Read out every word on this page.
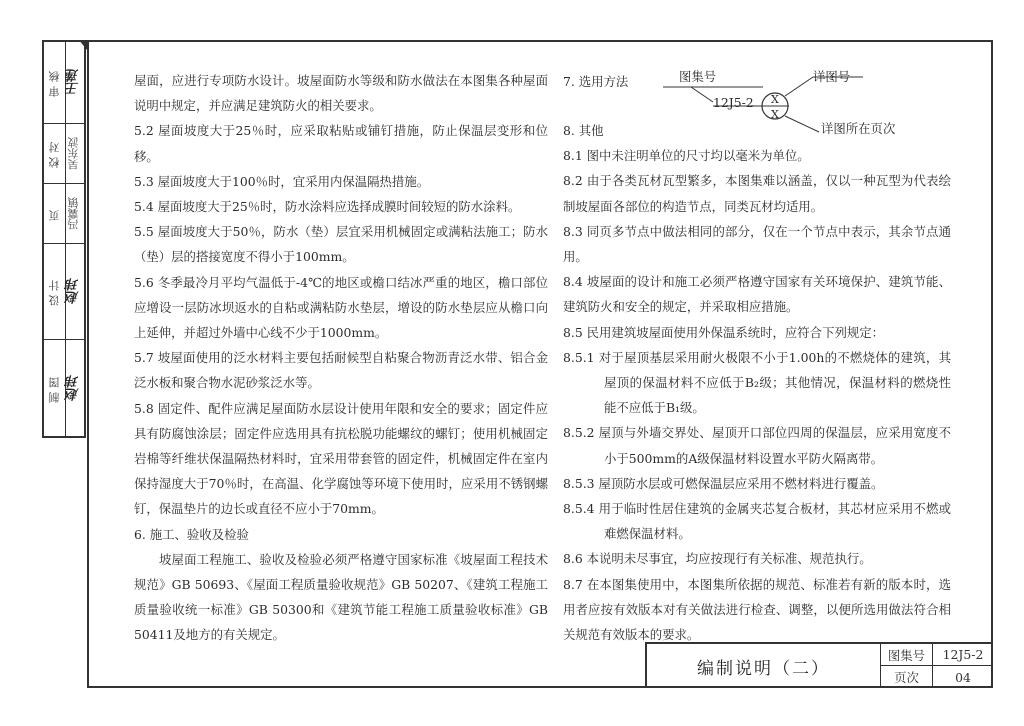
审核 王莲
校对 吴东波
页 冯冀镇
设计 赵玮
制图 赵玮

屋面，应进行专项防水设计。坡屋面防水等级和防水做法在本图集各种屋面说明中规定，并应满足建筑防火的相关要求。

5.2 屋面坡度大于25％时，应采取粘贴或铺钉措施，防止保温层变形和位移。

5.3 屋面坡度大于100％时，宜采用内保温隔热措施。

5.4 屋面坡度大于25％时，防水涂料应选择成膜时间较短的防水涂料。

5.5 屋面坡度大于50％，防水（垫）层宜采用机械固定或满粘法施工；防水（垫）层的搭接宽度不得小于100mm。

5.6 冬季最冷月平均气温低于-4℃的地区或檐口结冰严重的地区，檐口部位应增设一层防冰坝返水的自粘或满粘防水垫层，增设的防水垫层应从檐口向上延伸，并超过外墙中心线不少于1000mm。

5.7 坡屋面使用的泛水材料主要包括耐候型自粘聚合物沥青泛水带、铝合金泛水板和聚合物水泥砂浆泛水等。

5.8 固定件、配件应满足屋面防水层设计使用年限和安全的要求；固定件应具有防腐蚀涂层；固定件应选用具有抗松脱功能螺纹的螺钉；使用机械固定岩棉等纤维状保温隔热材料时，宜采用带套管的固定件，机械固定件在室内保持湿度大于70％时，在高温、化学腐蚀等环境下使用时，应采用不锈钢螺钉，保温垫片的边长或直径不应小于70mm。

6. 施工、验收及检验

坡屋面工程施工、验收及检验必须严格遵守国家标准《坡屋面工程技术规范》GB 50693、《屋面工程质量验收规范》GB 50207、《建筑工程施工质量验收统一标准》GB 50300和《建筑节能工程施工质量验收标准》GB 50411及地方的有关规定。

7. 选用方法	图集号	详图号
详图所在页次
12J5-2 X
X

8. 其他

8.1 图中未注明单位的尺寸均以毫米为单位。

8.2 由于各类瓦材瓦型繁多，本图集难以涵盖，仅以一种瓦型为代表绘制坡屋面各部位的构造节点，同类瓦材均适用。

8.3 同页多节点中做法相同的部分，仅在一个节点中表示，其余节点通用。

8.4 坡屋面的设计和施工必须严格遵守国家有关环境保护、建筑节能、建筑防火和安全的规定，并采取相应措施。

8.5 民用建筑坡屋面使用外保温系统时，应符合下列规定：

8.5.1 对于屋顶基层采用耐火极限不小于1.00h的不燃烧体的建筑，其屋顶的保温材料不应低于B₂级；其他情况，保温材料的燃烧性能不应低于B₁级。

8.5.2 屋顶与外墙交界处、屋顶开口部位四周的保温层，应采用宽度不小于500mm的A级保温材料设置水平防火隔离带。

8.5.3 屋顶防水层或可燃保温层应采用不燃材料进行覆盖。

8.5.4 用于临时性居住建筑的金属夹芯复合板材，其芯材应采用不燃或难燃保温材料。

8.6 本说明未尽事宜，均应按现行有关标准、规范执行。

8.7 在本图集使用中，本图集所依据的规范、标准若有新的版本时，选用者应按有效版本对有关做法进行检查、调整，以便所选用做法符合相关规范有效版本的要求。

编制说明（二）
图集号	12J5-2
页次	04
